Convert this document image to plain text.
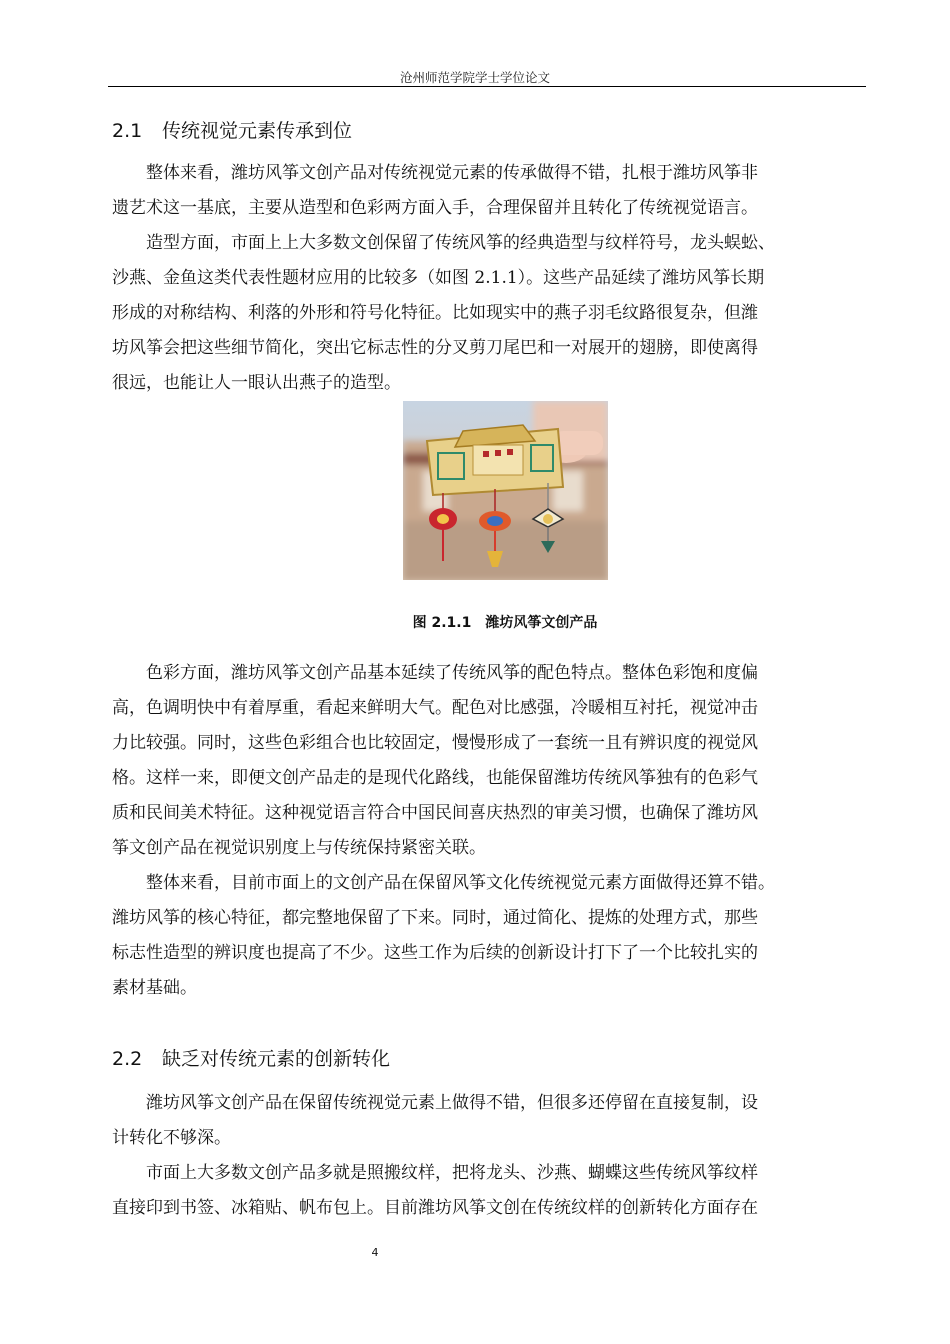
沧州师范学院学士学位论文
2.1 传统视觉元素传承到位
整体来看，潍坊风筝文创产品对传统视觉元素的传承做得不错，扎根于潍坊风筝非
遗艺术这一基底，主要从造型和色彩两方面入手，合理保留并且转化了传统视觉语言。
造型方面，市面上上大多数文创保留了传统风筝的经典造型与纹样符号，龙头蜈蚣、
沙燕、金鱼这类代表性题材应用的比较多（如图 2.1.1）。这些产品延续了潍坊风筝长期
形成的对称结构、利落的外形和符号化特征。比如现实中的燕子羽毛纹路很复杂，但潍
坊风筝会把这些细节简化，突出它标志性的分叉剪刀尾巴和一对展开的翅膀，即使离得
很远，也能让人一眼认出燕子的造型。
图 2.1.1　潍坊风筝文创产品
色彩方面，潍坊风筝文创产品基本延续了传统风筝的配色特点。整体色彩饱和度偏
高，色调明快中有着厚重，看起来鲜明大气。配色对比感强，冷暖相互衬托，视觉冲击
力比较强。同时，这些色彩组合也比较固定，慢慢形成了一套统一且有辨识度的视觉风
格。这样一来，即便文创产品走的是现代化路线，也能保留潍坊传统风筝独有的色彩气
质和民间美术特征。这种视觉语言符合中国民间喜庆热烈的审美习惯，也确保了潍坊风
筝文创产品在视觉识别度上与传统保持紧密关联。
整体来看，目前市面上的文创产品在保留风筝文化传统视觉元素方面做得还算不错。
潍坊风筝的核心特征，都完整地保留了下来。同时，通过简化、提炼的处理方式，那些
标志性造型的辨识度也提高了不少。这些工作为后续的创新设计打下了一个比较扎实的
素材基础。
2.2 缺乏对传统元素的创新转化
潍坊风筝文创产品在保留传统视觉元素上做得不错，但很多还停留在直接复制，设
计转化不够深。
市面上大多数文创产品多就是照搬纹样，把将龙头、沙燕、蝴蝶这些传统风筝纹样
直接印到书签、冰箱贴、帆布包上。目前潍坊风筝文创在传统纹样的创新转化方面存在
4
